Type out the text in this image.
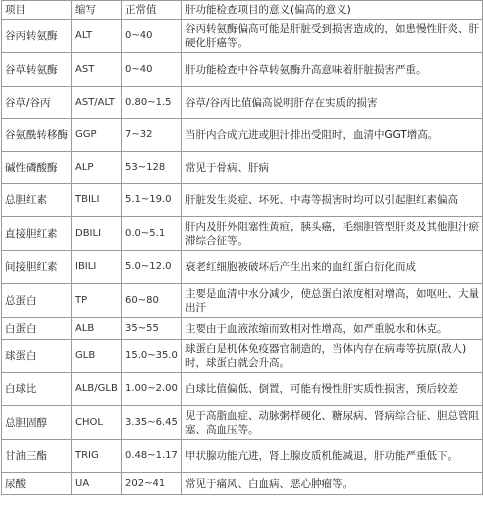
项目	缩写	正常值	肝功能检查项目的意义(偏高的意义)
谷丙转氨酶	ALT	0~40	谷丙转氨酶偏高可能是肝脏受到损害造成的，如患慢性肝炎、肝硬化肝癌等。
谷草转氨酶	AST	0~40	肝功能检查中谷草转氨酶升高意味着肝脏损害严重。
谷草/谷丙	AST/ALT	0.80~1.5	谷草/谷丙比值偏高说明肝存在实质的损害
谷氨酰转移酶	GGP	7~32	当肝内合成亢进或胆汁排出受阻时，血清中GGT增高。
碱性磷酸酶	ALP	53~128	常见于骨病、肝病
总胆红素	TBILI	5.1~19.0	肝脏发生炎症、坏死、中毒等损害时均可以引起胆红素偏高
直接胆红素	DBILI	0.0~5.1	肝内及肝外阻塞性黄疸，胰头癌，毛细胆管型肝炎及其他胆汁瘀滞综合征等。
间接胆红素	IBILI	5.0~12.0	衰老红细胞被破坏后产生出来的血红蛋白衍化而成
总蛋白	TP	60~80	主要是血清中水分减少，使总蛋白浓度相对增高，如呕吐、大量出汗
白蛋白	ALB	35~55	主要由于血液浓缩而致相对性增高，如严重脱水和休克。
球蛋白	GLB	15.0~35.0	球蛋白是机体免疫器官制造的，当体内存在病毒等抗原(敌人)时，球蛋白就会升高。
白球比	ALB/GLB	1.00~2.00	白球比值偏低、倒置，可能有慢性肝实质性损害，预后较差
总胆固醇	CHOL	3.35~6.45	见于高脂血症、动脉粥样硬化、糖尿病、肾病综合征、胆总管阻塞、高血压等。
甘油三酯	TRIG	0.48~1.17	甲状腺功能亢进，肾上腺皮质机能减退，肝功能严重低下。
尿酸	UA	202~41	常见于痛风、白血病、恶心肿瘤等。
